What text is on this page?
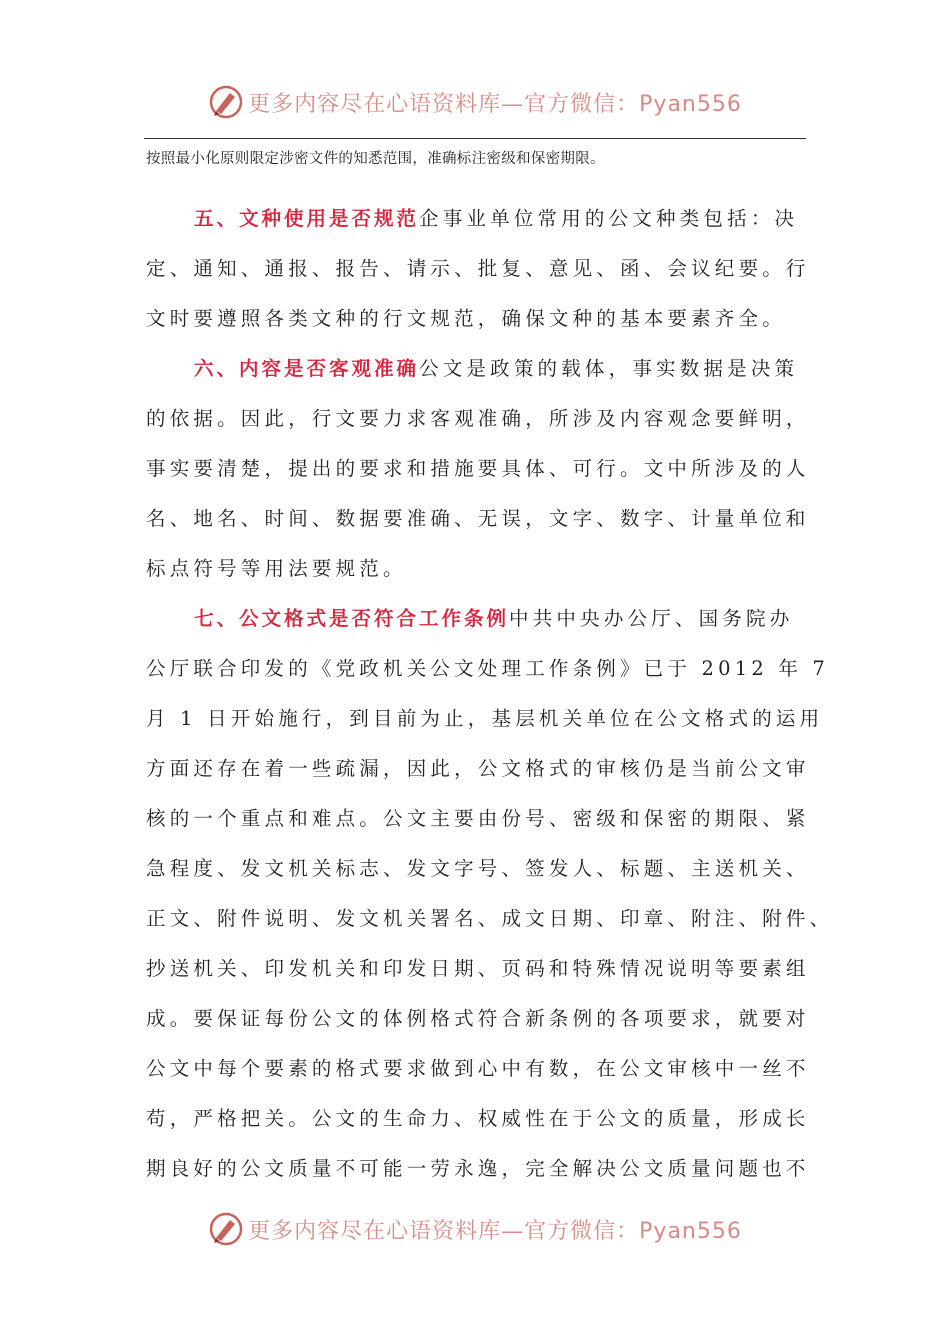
更多内容尽在心语资料库—官方微信：Pyan556
按照最小化原则限定涉密文件的知悉范围，准确标注密级和保密期限。
五、文种使用是否规范企事业单位常用的公文种类包括：决
定、通知、通报、报告、请示、批复、意见、函、会议纪要。行
文时要遵照各类文种的行文规范，确保文种的基本要素齐全。
六、内容是否客观准确公文是政策的载体，事实数据是决策
的依据。因此，行文要力求客观准确，所涉及内容观念要鲜明，
事实要清楚，提出的要求和措施要具体、可行。文中所涉及的人
名、地名、时间、数据要准确、无误，文字、数字、计量单位和
标点符号等用法要规范。
七、公文格式是否符合工作条例中共中央办公厅、国务院办
公厅联合印发的《党政机关公文处理工作条例》已于 2012 年 7
月 1 日开始施行，到目前为止，基层机关单位在公文格式的运用
方面还存在着一些疏漏，因此，公文格式的审核仍是当前公文审
核的一个重点和难点。公文主要由份号、密级和保密的期限、紧
急程度、发文机关标志、发文字号、签发人、标题、主送机关、
正文、附件说明、发文机关署名、成文日期、印章、附注、附件、
抄送机关、印发机关和印发日期、页码和特殊情况说明等要素组
成。要保证每份公文的体例格式符合新条例的各项要求，就要对
公文中每个要素的格式要求做到心中有数，在公文审核中一丝不
苟，严格把关。公文的生命力、权威性在于公文的质量，形成长
期良好的公文质量不可能一劳永逸，完全解决公文质量问题也不
更多内容尽在心语资料库—官方微信：Pyan556
